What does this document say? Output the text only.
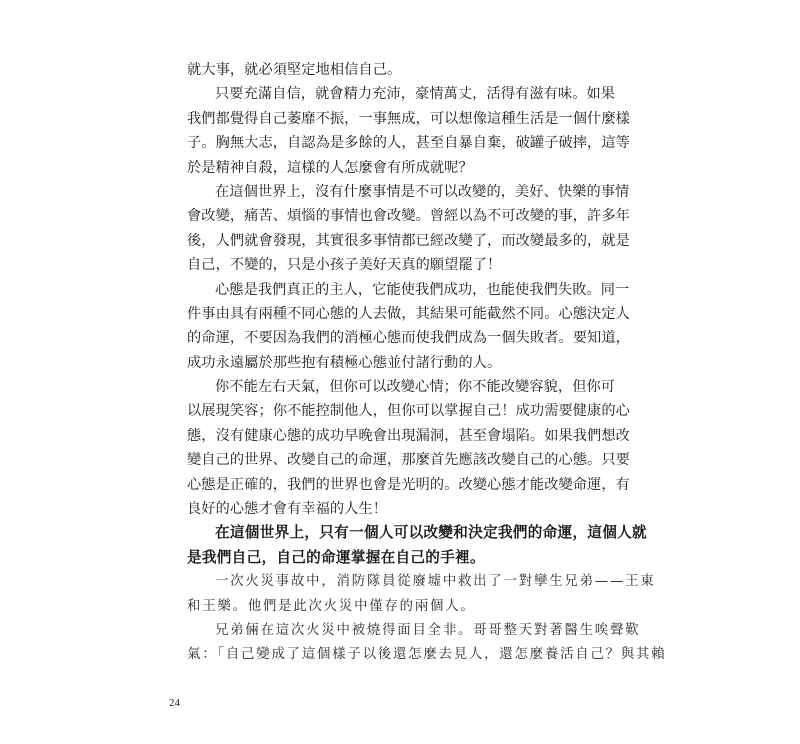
就大事，就必須堅定地相信自己。
只要充滿自信，就會精力充沛，豪情萬丈，活得有滋有味。如果
我們都覺得自己萎靡不振，一事無成，可以想像這種生活是一個什麼樣
子。胸無大志，自認為是多餘的人，甚至自暴自棄，破罐子破摔，這等
於是精神自殺，這樣的人怎麼會有所成就呢？
在這個世界上，沒有什麼事情是不可以改變的，美好、快樂的事情
會改變，痛苦、煩惱的事情也會改變。曾經以為不可改變的事，許多年
後，人們就會發現，其實很多事情都已經改變了，而改變最多的，就是
自己，不變的，只是小孩子美好天真的願望罷了！
心態是我們真正的主人，它能使我們成功，也能使我們失敗。同一
件事由具有兩種不同心態的人去做，其結果可能截然不同。心態決定人
的命運，不要因為我們的消極心態而使我們成為一個失敗者。要知道，
成功永遠屬於那些抱有積極心態並付諸行動的人。
你不能左右天氣，但你可以改變心情；你不能改變容貌，但你可
以展現笑容；你不能控制他人，但你可以掌握自己！成功需要健康的心
態，沒有健康心態的成功早晚會出現漏洞，甚至會塌陷。如果我們想改
變自己的世界、改變自己的命運，那麼首先應該改變自己的心態。只要
心態是正確的，我們的世界也會是光明的。改變心態才能改變命運，有
良好的心態才會有幸福的人生！
在這個世界上，只有一個人可以改變和決定我們的命運，這個人就
是我們自己，自己的命運掌握在自己的手裡。
一次火災事故中，消防隊員從廢墟中救出了一對孿生兄弟——王東
和王樂。他們是此次火災中僅存的兩個人。
兄弟倆在這次火災中被燒得面目全非。哥哥整天對著醫生唉聲歎
氣：「自己變成了這個樣子以後還怎麼去見人，還怎麼養活自己？與其賴
24
